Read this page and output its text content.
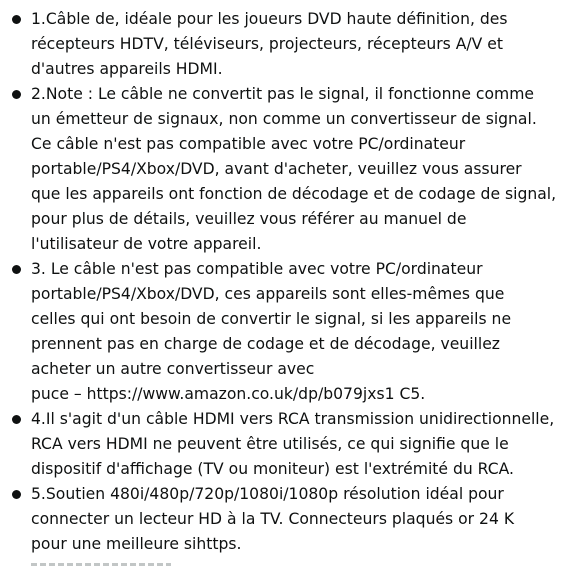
1.Câble de, idéale pour les joueurs DVD haute définition, des
récepteurs HDTV, téléviseurs, projecteurs, récepteurs A/V et
d'autres appareils HDMI.
2.Note : Le câble ne convertit pas le signal, il fonctionne comme
un émetteur de signaux, non comme un convertisseur de signal.
Ce câble n'est pas compatible avec votre PC/ordinateur
portable/PS4/Xbox/DVD, avant d'acheter, veuillez vous assurer
que les appareils ont fonction de décodage et de codage de signal,
pour plus de détails, veuillez vous référer au manuel de
l'utilisateur de votre appareil.
3. Le câble n'est pas compatible avec votre PC/ordinateur
portable/PS4/Xbox/DVD, ces appareils sont elles-mêmes que
celles qui ont besoin de convertir le signal, si les appareils ne
prennent pas en charge de codage et de décodage, veuillez
acheter un autre convertisseur avec
puce – https://www.amazon.co.uk/dp/b079jxs1 C5.
4.Il s'agit d'un câble HDMI vers RCA transmission unidirectionnelle,
RCA vers HDMI ne peuvent être utilisés, ce qui signifie que le
dispositif d'affichage (TV ou moniteur) est l'extrémité du RCA.
5.Soutien 480i/480p/720p/1080i/1080p résolution idéal pour
connecter un lecteur HD à la TV. Connecteurs plaqués or 24 K
pour une meilleure sihttps.
